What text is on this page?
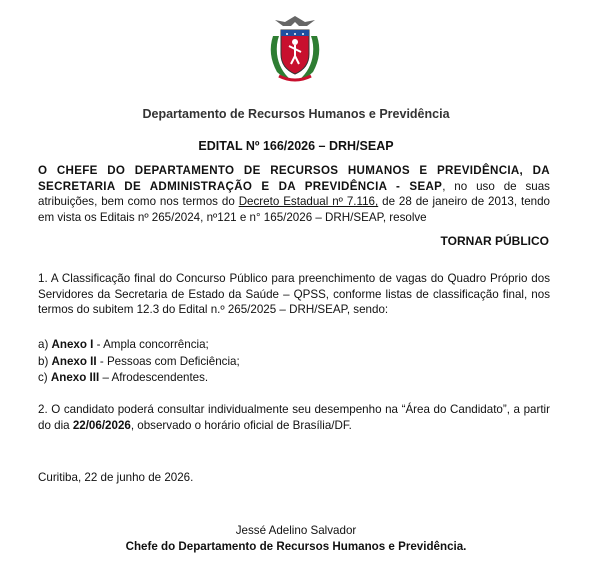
Departamento de Recursos Humanos e Previdência
EDITAL Nº 166/2026 – DRH/SEAP
O CHEFE DO DEPARTAMENTO DE RECURSOS HUMANOS E PREVIDÊNCIA, DA SECRETARIA DE ADMINISTRAÇÃO E DA PREVIDÊNCIA - SEAP, no uso de suas atribuições, bem como nos termos do Decreto Estadual nº 7.116, de 28 de janeiro de 2013, tendo em vista os Editais nº 265/2024, nº121 e n° 165/2026 – DRH/SEAP, resolve
TORNAR PÚBLICO
1. A Classificação final do Concurso Público para preenchimento de vagas do Quadro Próprio dos Servidores da Secretaria de Estado da Saúde – QPSS, conforme listas de classificação final, nos termos do subitem 12.3 do Edital n.º 265/2025 – DRH/SEAP, sendo:
a) Anexo I - Ampla concorrência;
b) Anexo II - Pessoas com Deficiência;
c) Anexo III – Afrodescendentes.
2. O candidato poderá consultar individualmente seu desempenho na “Área do Candidato”, a partir do dia 22/06/2026, observado o horário oficial de Brasília/DF.
Curitiba, 22 de junho de 2026.
Jessé Adelino Salvador
Chefe do Departamento de Recursos Humanos e Previdência.
